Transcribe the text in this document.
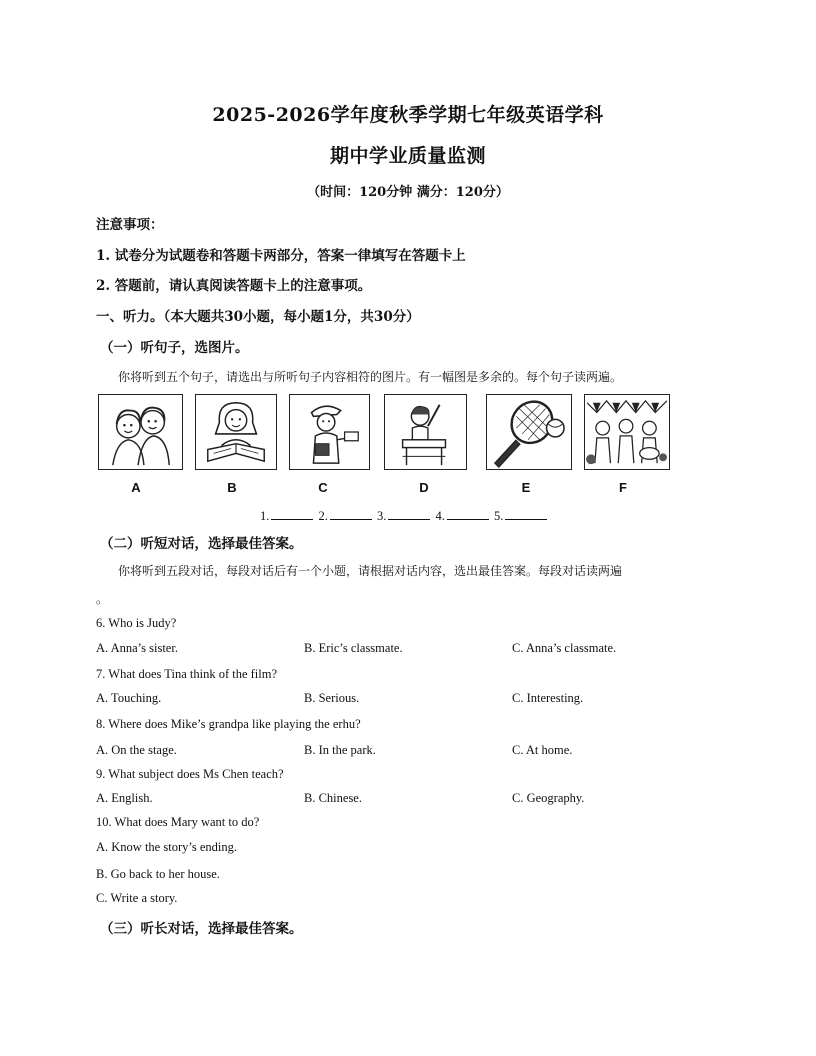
2025-2026学年度秋季学期七年级英语学科
期中学业质量监测
（时间：120分钟 满分：120分）
注意事项：
1. 试卷分为试题卷和答题卡两部分，答案一律填写在答题卡上
2. 答题前，请认真阅读答题卡上的注意事项。
一、听力。（本大题共30小题，每小题1分，共30分）
（一）听句子，选图片。
你将听到五个句子，请选出与所听句子内容相符的图片。有一幅图是多余的。每个句子读两遍。
A	B	C	D	E	F
1.	2.	3.	4.	5.
（二）听短对话，选择最佳答案。
你将听到五段对话，每段对话后有一个小题，请根据对话内容，选出最佳答案。每段对话读两遍
。
6. Who is Judy?
A. Anna’s sister.	B. Eric’s classmate.	C. Anna’s classmate.
7. What does Tina think of the film?
A. Touching.	B. Serious.	C. Interesting.
8. Where does Mike’s grandpa like playing the erhu?
A. On the stage.	B. In the park.	C. At home.
9. What subject does Ms Chen teach?
A. English.	B. Chinese.	C. Geography.
10. What does Mary want to do?
A. Know the story’s ending.
B. Go back to her house.
C. Write a story.
（三）听长对话，选择最佳答案。
